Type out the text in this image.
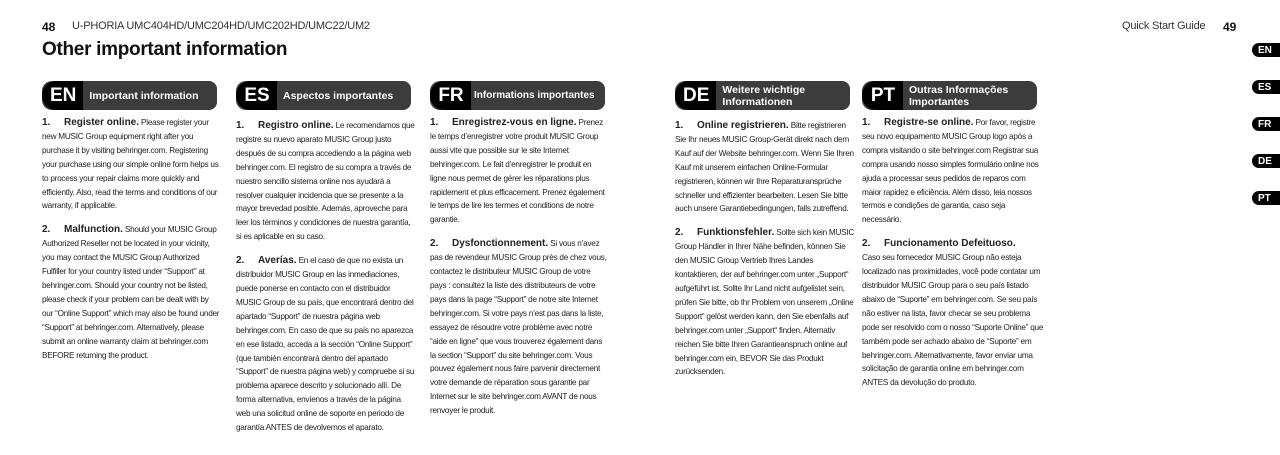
48 U-PHORIA UMC404HD/UMC204HD/UMC202HD/UMC22/UM2	Quick Start Guide 49
Other important information
EN	Important information
1. Register online. Please register your new MUSIC Group equipment right after you purchase it by visiting behringer.com. Registering your purchase using our simple online form helps us to process your repair claims more quickly and efficiently. Also, read the terms and conditions of our warranty, if applicable.
2. Malfunction. Should your MUSIC Group Authorized Reseller not be located in your vicinity, you may contact the MUSIC Group Authorized Fulfiller for your country listed under “Support” at behringer.com. Should your country not be listed, please check if your problem can be dealt with by our “Online Support” which may also be found under “Support” at behringer.com. Alternatively, please submit an online warranty claim at behringer.com BEFORE returning the product.
ES	Aspectos importantes
1. Registro online. Le recomendamos que registre su nuevo aparato MUSIC Group justo después de su compra accediendo a la página web behringer.com. El registro de su compra a través de nuestro sencillo sistema online nos ayudará a resolver cualquier incidencia que se presente a la mayor brevedad posible. Además, aproveche para leer los términos y condiciones de nuestra garantía, si es aplicable en su caso.
2. Averías. En el caso de que no exista un distribuidor MUSIC Group en las inmediaciones, puede ponerse en contacto con el distribuidor MUSIC Group de su país, que encontrará dentro del apartado “Support” de nuestra página web behringer.com. En caso de que su país no aparezca en ese listado, acceda a la sección “Online Support” (que también encontrará dentro del apartado “Support” de nuestra página web) y compruebe si su problema aparece descrito y solucionado allí. De forma alternativa, envíenos a través de la página web una solicitud online de soporte en periodo de garantía ANTES de devolvernos el aparato.
FR	Informations importantes
1. Enregistrez-vous en ligne. Prenez le temps d’enregistrer votre produit MUSIC Group aussi vite que possible sur le site Internet behringer.com. Le fait d’enregistrer le produit en ligne nous permet de gérer les réparations plus rapidement et plus efficacement. Prenez également le temps de lire les termes et conditions de notre garantie.
2. Dysfonctionnement. Si vous n’avez pas de revendeur MUSIC Group près de chez vous, contactez le distributeur MUSIC Group de votre pays : consultez la liste des distributeurs de votre pays dans la page “Support” de notre site Internet behringer.com. Si votre pays n’est pas dans la liste, essayez de résoudre votre problème avec notre “aide en ligne” que vous trouverez également dans la section “Support” du site behringer.com. Vous pouvez également nous faire parvenir directement votre demande de réparation sous garantie par Internet sur le site behringer.com AVANT de nous renvoyer le produit.
DE	Weitere wichtige Informationen
1. Online registrieren. Bitte registrieren Sie Ihr neues MUSIC Group-Gerät direkt nach dem Kauf auf der Website behringer.com. Wenn Sie Ihren Kauf mit unserem einfachen Online-Formular registrieren, können wir Ihre Reparaturansprüche schneller und effizienter bearbeiten. Lesen Sie bitte auch unsere Garantiebedingungen, falls zutreffend.
2. Funktionsfehler. Sollte sich kein MUSIC Group Händler in Ihrer Nähe befinden, können Sie den MUSIC Group Vertrieb Ihres Landes kontaktieren, der auf behringer.com unter „Support“ aufgeführt ist. Sollte Ihr Land nicht aufgelistet sein, prüfen Sie bitte, ob Ihr Problem von unserem „Online Support“ gelöst werden kann, den Sie ebenfalls auf behringer.com unter „Support“ finden. Alternativ reichen Sie bitte Ihren Garantieanspruch online auf behringer.com ein, BEVOR Sie das Produkt zurücksenden.
PT	Outras Informações Importantes
1. Registre-se online. Por favor, registre seu novo equipamento MUSIC Group logo após a compra visitando o site behringer.com Registrar sua compra usando nosso simples formulário online nos ajuda a processar seus pedidos de reparos com maior rapidez e eficiência. Além disso, leia nossos termos e condições de garantia, caso seja necessário.
2. Funcionamento Defeituoso.
Caso seu fornecedor MUSIC Group não esteja localizado nas proximidades, você pode contatar um distribuidor MUSIC Group para o seu país listado abaixo de “Suporte” em behringer.com. Se seu país não estiver na lista, favor checar se seu problema pode ser resolvido com o nosso “Suporte Online” que também pode ser achado abaixo de “Suporte” em behringer.com. Alternativamente, favor enviar uma solicitação de garantia online em behringer.com ANTES da devolução do produto.
EN
ES
FR
DE
PT
